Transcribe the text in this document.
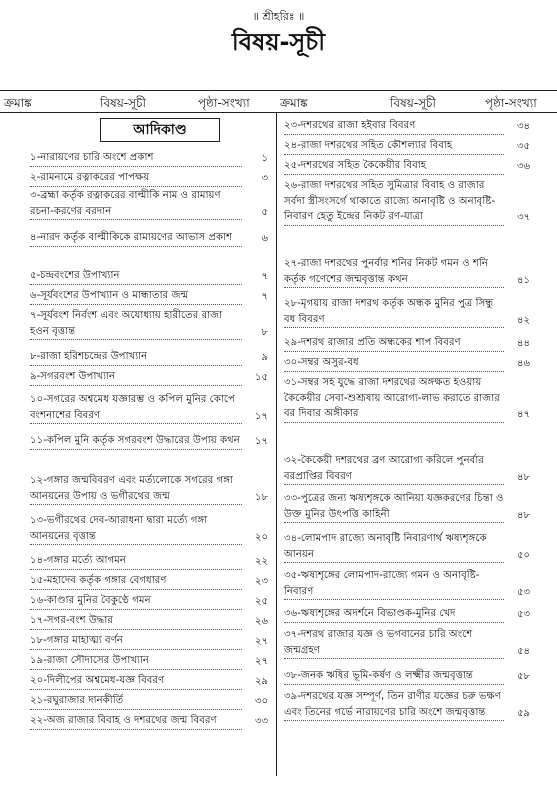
॥ শ্রীহরিঃ ॥
বিষয়-সূচী
ক্রমাঙ্ক	বিষয়-সূচী	পৃষ্ঠা-সংখ্যা	ক্রমাঙ্ক	বিষয়-সূচী	পৃষ্ঠা-সংখ্যা
আদিকাণ্ড
১-নারায়ণের চারি অংশে প্রকাশ	১
২-রামনামে রত্নাকরের পাপক্ষয়	৩
৩-ব্রহ্মা কর্তৃক রত্নাকরের বাল্মীকি নাম ও রামায়ণ রচনা-করণের বরদান	৫
৪-নারদ কর্তৃক বাল্মীকিকে রামায়ণের আভাস প্রকাশ	৬
৫-চন্দ্রবংশের উপাখ্যান	৭
৬-সূর্যবংশের উপাখ্যান ও মান্ধাতার জন্ম	৭
৭-সূর্যবংশ নির্বংশ এবং অযোধ্যায় হারীতের রাজা হওন বৃত্তান্ত	৮
৮-রাজা হরিশচন্দ্রের উপাখ্যান	৯
৯-সগরবংশ উপাখ্যান	১৫
১০-সগরের অশ্বমেধ যজ্ঞারম্ভ ও কপিল মুনির কোপে বংশনাশের বিবরণ	১৭
১১-কপিল মুনি কর্তৃক সগরবংশ উদ্ধারের উপায় কথন ১৭
১২-গঙ্গার জন্মবিবরণ এবং মর্ত্যলোকে সগরের গঙ্গা আনয়নের উপায় ও ভগীরথের জন্ম	১৮
১৩-ভগীরথের দেব-আরাধনা দ্বারা মর্ত্যে গঙ্গা আনয়নের বৃত্তান্ত	২০
১৪-গঙ্গার মর্ত্যে আগমন	২২
১৫-মহাদেব কর্তৃক গঙ্গার বেগধারণ	২৩
১৬-কাণ্ডার মুনির বৈকুণ্ঠে গমন	২৫
১৭-সগর-বংশ উদ্ধার	২৬
১৮-গঙ্গার মাহাত্ম্য বর্ণন	২৭
১৯-রাজা সৌদাসের উপাখ্যান	২৭
২০-দিলীপের অশ্বমেধ-যজ্ঞ বিবরণ	২৯
২১-রঘুরাজার দানকীর্তি	৩০
২২-অজ রাজার বিবাহ ও দশরথের জন্ম বিবরণ	৩৩
২৩-দশরথের রাজা হইবার বিবরণ	৩৪
২৪-রাজা দশরথের সহিত কৌশল্যার বিবাহ	৩৫
২৫-দশরথের সহিত কৈকেয়ীর বিবাহ	৩৬
২৬-রাজা দশরথের সহিত সুমিত্রার বিবাহ ও রাজার সর্বদা স্ত্রীসংসর্গে থাকাতে রাজ্যে অনাবৃষ্টি ও অনাবৃষ্টি-নিবারণ হেতু ইন্দ্রের নিকট রণ-যাত্রা	৩৭
২৭-রাজা দশরথের পুনর্বার শনির নিকট গমন ও শনি কর্তৃক গণেশের জন্মবৃত্তান্ত কথন	৪১
২৮-মৃগয়ায় রাজা দশরথ কর্তৃক অন্ধক মুনির পুত্র সিন্ধু বধ বিবরণ	৪২
২৯-দশরথ রাজার প্রতি অন্ধকের শাপ বিবরণ	৪৪
৩০-সম্বর অসুর-বধ	৪৬
৩১-সম্বর সহ যুদ্ধে রাজা দশরথের অঙ্গক্ষত হওয়ায় কৈকেয়ীর সেবা-শুশ্রূষায় আরোগ্য-লাভ করাতে রাজার বর দিবার অঙ্গীকার	৪৭
৩২-কৈকেয়ী দশরথের ব্রণ আরোগ্য করিলে পুনর্বার বরপ্রাপ্তির বিবরণ	৪৮
৩৩-পুত্রের জন্য ঋষ্যশৃঙ্গকে আনিয়া যজ্ঞকরণের চিন্তা ও উক্ত মুনির উৎপত্তি কাহিনী	৪৮
৩৪-লোমপাদ রাজ্যে অনাবৃষ্টি নিবারণার্থ ঋষ্যশৃঙ্গকে আনয়ন	৫০
৩৫-ঋষ্যশৃঙ্গের লোমপাদ-রাজ্যে গমন ও অনাবৃষ্টি-নিবারণ	৫৩
৩৬-ঋষ্যশৃঙ্গের অদর্শনে বিভাণ্ডক-মুনির খেদ	৫৩
৩৭-দশরথ রাজার যজ্ঞ ও ভগবানের চারি অংশে জন্মগ্রহণ	৫৪
৩৮-জনক ঋষির ভূমি-কর্ষণ ও লক্ষ্মীর জন্মবৃত্তান্ত	৫৮
৩৯-দশরথের যজ্ঞ সম্পূর্ণ, তিন রাণীর যজ্ঞের চরু ভক্ষণ এবং তিনের গর্ভে নারায়ণের চারি অংশে জন্মবৃত্তান্ত	৫৯
